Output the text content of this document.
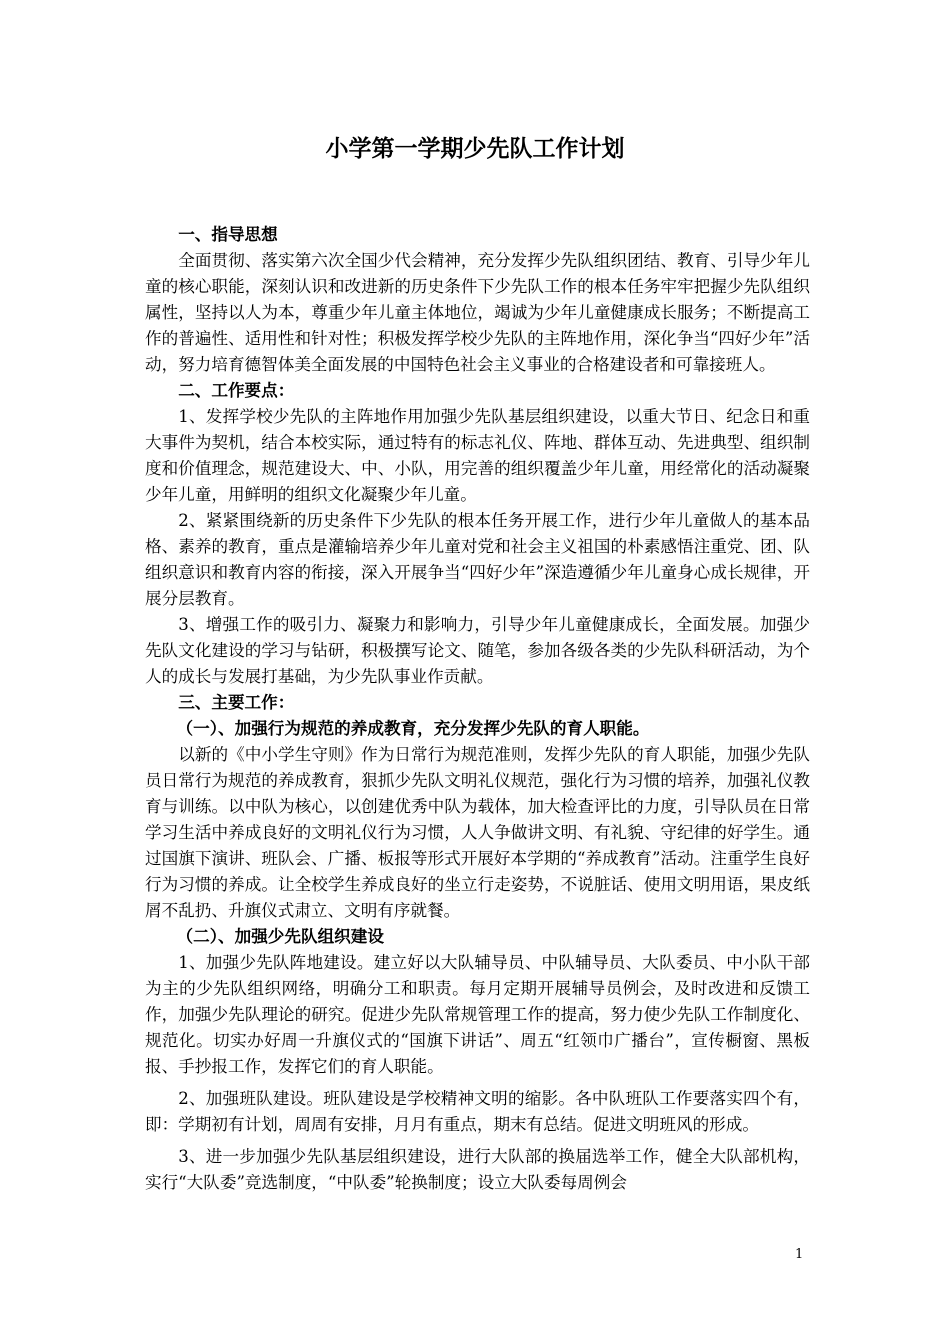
小学第一学期少先队工作计划

一、指导思想

全面贯彻、落实第六次全国少代会精神，充分发挥少先队组织团结、教育、引导少年儿童的核心职能，深刻认识和改进新的历史条件下少先队工作的根本任务牢牢把握少先队组织属性，坚持以人为本，尊重少年儿童主体地位，竭诚为少年儿童健康成长服务；不断提高工作的普遍性、适用性和针对性；积极发挥学校少先队的主阵地作用，深化争当“四好少年”活动，努力培育德智体美全面发展的中国特色社会主义事业的合格建设者和可靠接班人。

二、工作要点：

1、发挥学校少先队的主阵地作用加强少先队基层组织建设，以重大节日、纪念日和重大事件为契机，结合本校实际，通过特有的标志礼仪、阵地、群体互动、先进典型、组织制度和价值理念，规范建设大、中、小队，用完善的组织覆盖少年儿童，用经常化的活动凝聚少年儿童，用鲜明的组织文化凝聚少年儿童。

2、紧紧围绕新的历史条件下少先队的根本任务开展工作，进行少年儿童做人的基本品格、素养的教育，重点是灌输培养少年儿童对党和社会主义祖国的朴素感悟注重党、团、队组织意识和教育内容的衔接，深入开展争当“四好少年”深造遵循少年儿童身心成长规律，开展分层教育。

3、增强工作的吸引力、凝聚力和影响力，引导少年儿童健康成长，全面发展。加强少先队文化建设的学习与钻研，积极撰写论文、随笔，参加各级各类的少先队科研活动，为个人的成长与发展打基础，为少先队事业作贡献。

三、主要工作：

（一）、加强行为规范的养成教育，充分发挥少先队的育人职能。

以新的《中小学生守则》作为日常行为规范准则，发挥少先队的育人职能，加强少先队员日常行为规范的养成教育，狠抓少先队文明礼仪规范，强化行为习惯的培养，加强礼仪教育与训练。以中队为核心，以创建优秀中队为载体，加大检查评比的力度，引导队员在日常学习生活中养成良好的文明礼仪行为习惯，人人争做讲文明、有礼貌、守纪律的好学生。通过国旗下演讲、班队会、广播、板报等形式开展好本学期的“养成教育”活动。注重学生良好行为习惯的养成。让全校学生养成良好的坐立行走姿势，不说脏话、使用文明用语，果皮纸屑不乱扔、升旗仪式肃立、文明有序就餐。

（二）、加强少先队组织建设

1、加强少先队阵地建设。建立好以大队辅导员、中队辅导员、大队委员、中小队干部为主的少先队组织网络，明确分工和职责。每月定期开展辅导员例会，及时改进和反馈工作，加强少先队理论的研究。促进少先队常规管理工作的提高，努力使少先队工作制度化、规范化。切实办好周一升旗仪式的“国旗下讲话”、周五“红领巾广播台”，宣传橱窗、黑板报、手抄报工作，发挥它们的育人职能。

2、加强班队建设。班队建设是学校精神文明的缩影。各中队班队工作要落实四个有，即：学期初有计划，周周有安排，月月有重点，期末有总结。促进文明班风的形成。

3、进一步加强少先队基层组织建设，进行大队部的换届选举工作，健全大队部机构，实行“大队委”竞选制度，“中队委”轮换制度；设立大队委每周例会

1
